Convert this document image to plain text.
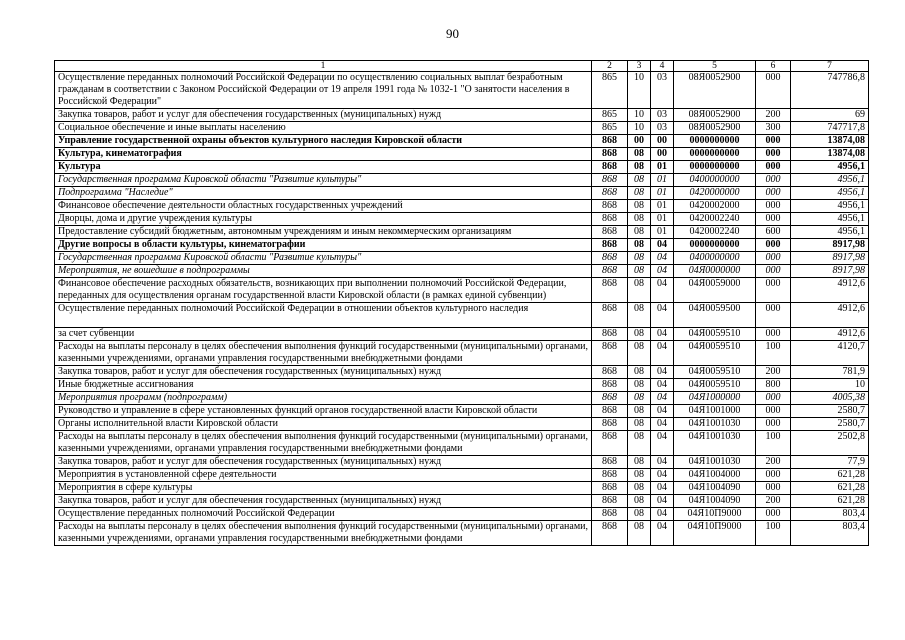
90
1	2	3	4	5	6	7
Осуществление переданных полномочий Российской Федерации по осуществлению социальных выплат безработным гражданам в соответствии с Законом Российской Федерации от 19 апреля 1991 года № 1032-1 "О занятости населения в Российской Федерации"	865	10	03	08Я0052900	000	747786,8
Закупка товаров, работ и услуг для обеспечения государственных (муниципальных) нужд	865	10	03	08Я0052900	200	69
Социальное обеспечение и иные выплаты населению	865	10	03	08Я0052900	300	747717,8
Управление государственной охраны объектов культурного наследия Кировской области	868	00	00	0000000000	000	13874,08
Культура, кинематография	868	08	00	0000000000	000	13874,08
Культура	868	08	01	0000000000	000	4956,1
Государственная программа Кировской области "Развитие культуры"	868	08	01	0400000000	000	4956,1
Подпрограмма "Наследие"	868	08	01	0420000000	000	4956,1
Финансовое обеспечение деятельности областных государственных учреждений	868	08	01	0420002000	000	4956,1
Дворцы, дома и другие учреждения культуры	868	08	01	0420002240	000	4956,1
Предоставление субсидий бюджетным, автономным учреждениям и иным некоммерческим организациям	868	08	01	0420002240	600	4956,1
Другие вопросы в области культуры, кинематографии	868	08	04	0000000000	000	8917,98
Государственная программа Кировской области "Развитие культуры"	868	08	04	0400000000	000	8917,98
Мероприятия, не вошедшие в подпрограммы	868	08	04	04Я0000000	000	8917,98
Финансовое обеспечение расходных обязательств, возникающих при выполнении полномочий Российской Федерации, переданных для осуществления органам государственной власти Кировской области (в рамках единой субвенции)	868	08	04	04Я0059000	000	4912,6
Осуществление переданных полномочий Российской Федерации в отношении объектов культурного наследия	868	08	04	04Я0059500	000	4912,6
за счет субвенции	868	08	04	04Я0059510	000	4912,6
Расходы на выплаты персоналу в целях обеспечения выполнения функций государственными (муниципальными) органами, казенными учреждениями, органами управления государственными внебюджетными фондами	868	08	04	04Я0059510	100	4120,7
Закупка товаров, работ и услуг для обеспечения государственных (муниципальных) нужд	868	08	04	04Я0059510	200	781,9
Иные бюджетные ассигнования	868	08	04	04Я0059510	800	10
Мероприятия программ (подпрограмм)	868	08	04	04Я1000000	000	4005,38
Руководство и управление в сфере установленных функций органов государственной власти Кировской области	868	08	04	04Я1001000	000	2580,7
Органы исполнительной власти Кировской области	868	08	04	04Я1001030	000	2580,7
Расходы на выплаты персоналу в целях обеспечения выполнения функций государственными (муниципальными) органами, казенными учреждениями, органами управления государственными внебюджетными фондами	868	08	04	04Я1001030	100	2502,8
Закупка товаров, работ и услуг для обеспечения государственных (муниципальных) нужд	868	08	04	04Я1001030	200	77,9
Мероприятия в установленной сфере деятельности	868	08	04	04Я1004000	000	621,28
Мероприятия в сфере культуры	868	08	04	04Я1004090	000	621,28
Закупка товаров, работ и услуг для обеспечения государственных (муниципальных) нужд	868	08	04	04Я1004090	200	621,28
Осуществление переданных полномочий Российской Федерации	868	08	04	04Я10П9000	000	803,4
Расходы на выплаты персоналу в целях обеспечения выполнения функций государственными (муниципальными) органами, казенными учреждениями, органами управления государственными внебюджетными фондами	868	08	04	04Я10П9000	100	803,4
